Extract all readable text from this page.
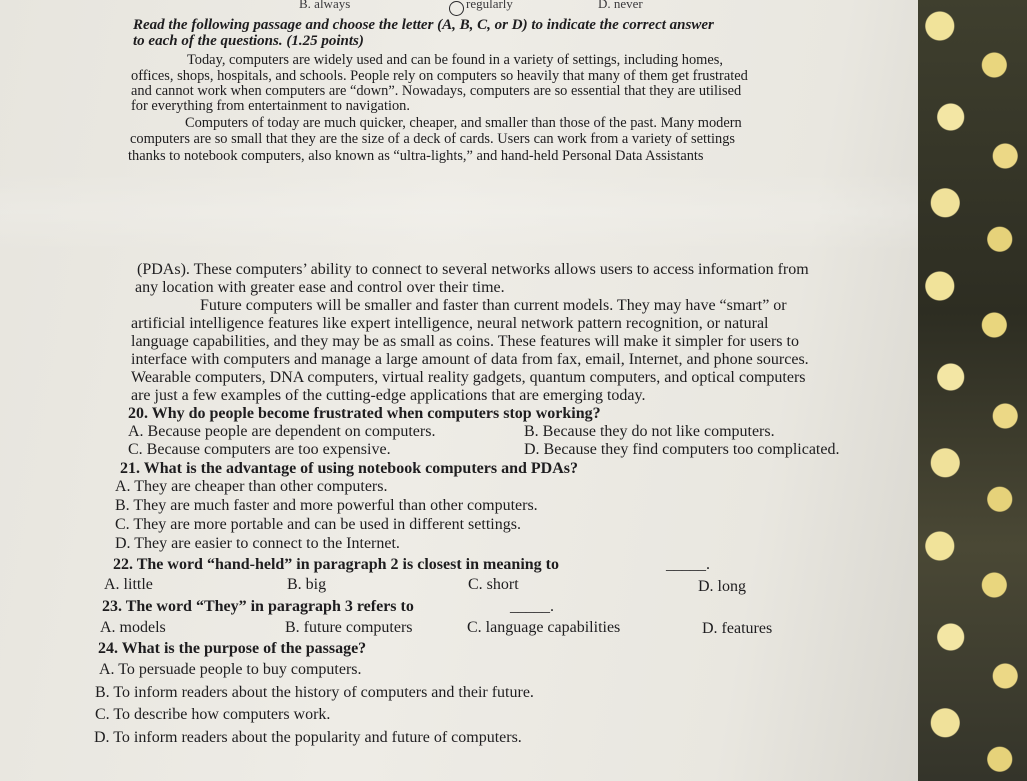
B. always	regularly	D. never
Read the following passage and choose the letter (A, B, C, or D) to indicate the correct answer
to each of the questions. (1.25 points)
Today, computers are widely used and can be found in a variety of settings, including homes,
offices, shops, hospitals, and schools. People rely on computers so heavily that many of them get frustrated
and cannot work when computers are “down”. Nowadays, computers are so essential that they are utilised
for everything from entertainment to navigation.
Computers of today are much quicker, cheaper, and smaller than those of the past. Many modern
computers are so small that they are the size of a deck of cards. Users can work from a variety of settings
thanks to notebook computers, also known as “ultra-lights,” and hand-held Personal Data Assistants
(PDAs). These computers’ ability to connect to several networks allows users to access information from
any location with greater ease and control over their time.
Future computers will be smaller and faster than current models. They may have “smart” or
artificial intelligence features like expert intelligence, neural network pattern recognition, or natural
language capabilities, and they may be as small as coins. These features will make it simpler for users to
interface with computers and manage a large amount of data from fax, email, Internet, and phone sources.
Wearable computers, DNA computers, virtual reality gadgets, quantum computers, and optical computers
are just a few examples of the cutting-edge applications that are emerging today.
20. Why do people become frustrated when computers stop working?
A. Because people are dependent on computers.	B. Because they do not like computers.
C. Because computers are too expensive.	D. Because they find computers too complicated.
21. What is the advantage of using notebook computers and PDAs?
A. They are cheaper than other computers.
B. They are much faster and more powerful than other computers.
C. They are more portable and can be used in different settings.
D. They are easier to connect to the Internet.
22. The word “hand-held” in paragraph 2 is closest in meaning to	_____.
A. little	B. big	C. short	D. long
23. The word “They” in paragraph 3 refers to	_____.
A. models	B. future computers	C. language capabilities	D. features
24. What is the purpose of the passage?
A. To persuade people to buy computers.
B. To inform readers about the history of computers and their future.
C. To describe how computers work.
D. To inform readers about the popularity and future of computers.
